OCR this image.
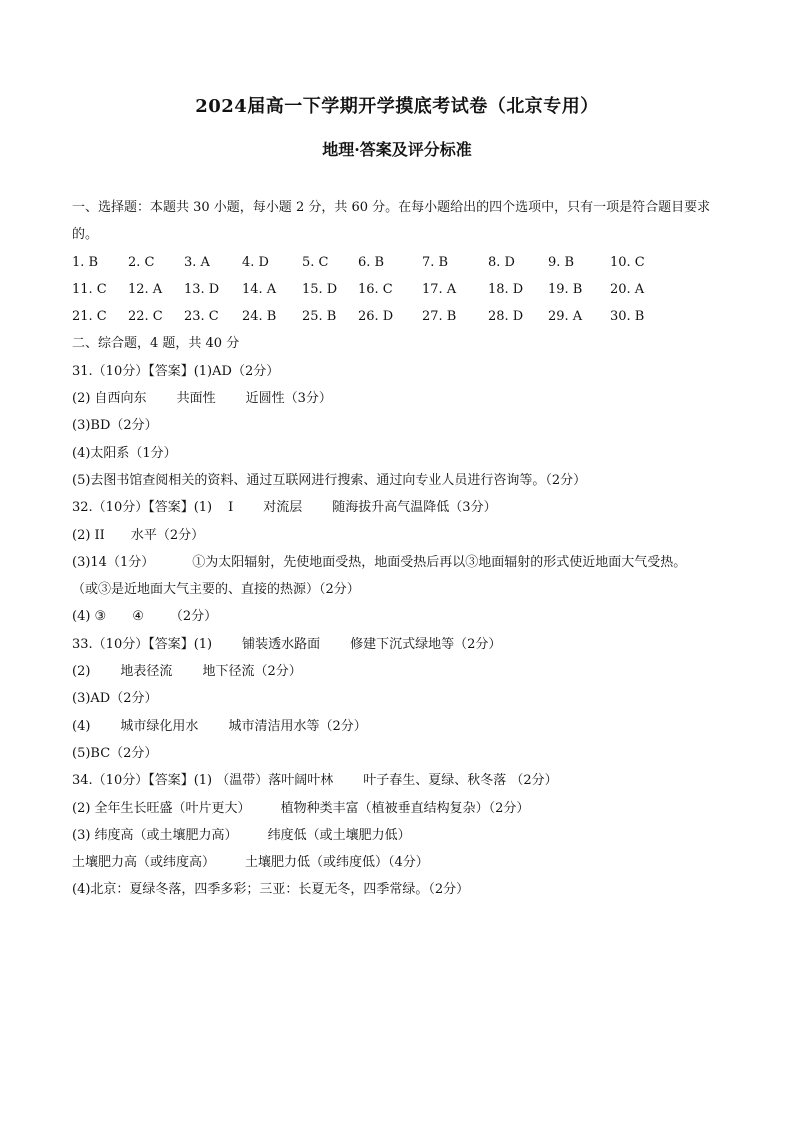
2024届高一下学期开学摸底考试卷（北京专用）
地理·答案及评分标准
一、选择题：本题共 30 小题，每小题 2 分，共 60 分。在每小题给出的四个选项中，只有一项是符合题目要求的。
1. B 2. C 3. A 4. D	5. C 6. B	7. B	8. D	9. B	10. C
11. C 12. A 13. D 14. A 15. D 16. C 17. A 18. D 19. B 20. A
21. C 22. C 23. C 24. B 25. B 26. D 27. B 28. D 29. A 30. B
二、综合题，4 题，共 40 分
31.（10分）【答案】(1)AD（2分）
(2) 自西向东 共面性 近圆性（3分）
(3)BD（2分）
(4)太阳系（1分）
(5)去图书馆查阅相关的资料、通过互联网进行搜索、通过向专业人员进行咨询等。（2分）
32.（10分）【答案】(1) I 对流层 随海拔升高气温降低（3分）
(2) II 水平（2分）
(3)14（1分）	①为太阳辐射，先使地面受热，地面受热后再以③地面辐射的形式使近地面大气受热。
（或③是近地面大气主要的、直接的热源）（2分）
(4) ③ ④ （2分）
33.（10分）【答案】(1) 铺装透水路面 修建下沉式绿地等（2分）
(2) 地表径流 地下径流（2分）
(3)AD（2分）
(4) 城市绿化用水 城市清洁用水等（2分）
(5)BC（2分）
34.（10分）【答案】(1) （温带）落叶阔叶林 叶子春生、夏绿、秋冬落 （2分）
(2) 全年生长旺盛（叶片更大） 植物种类丰富（植被垂直结构复杂）（2分）
(3) 纬度高（或土壤肥力高） 纬度低（或土壤肥力低）
土壤肥力高（或纬度高） 土壤肥力低（或纬度低）（4分）
(4)北京：夏绿冬落，四季多彩；三亚：长夏无冬，四季常绿。（2分）
